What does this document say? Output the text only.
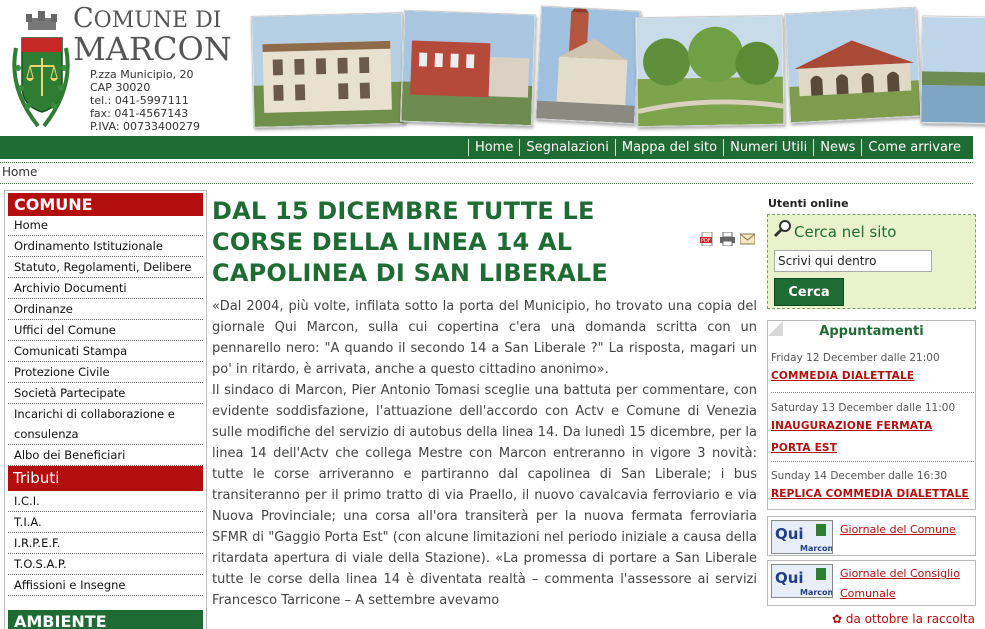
COMUNE DI
MARCON
P.zza Municipio, 20
CAP 30020
tel.: 041-5997111
fax: 041-4567143
P.IVA: 00733400279
Home	Segnalazioni	Mappa del sito	Numeri Utili	News	Come arrivare
Home
COMUNE
Home
Ordinamento Istituzionale
Statuto, Regolamenti, Delibere
Archivio Documenti
Ordinanze
Uffici del Comune
Comunicati Stampa
Protezione Civile
Società Partecipate
Incarichi di collaborazione e consulenza
Albo dei Beneficiari
Tributi
I.C.I.
T.I.A.
I.R.P.E.F.
T.O.S.A.P.
Affissioni e Insegne
AMBIENTE
DAL 15 DICEMBRE TUTTE LE CORSE DELLA LINEA 14 AL CAPOLINEA DI SAN LIBERALE
PDF

«Dal 2004, più volte, infilata sotto la porta del Municipio, ho trovato una copia del giornale Qui Marcon, sulla cui copertina c'era una domanda scritta con un pennarello nero: "A quando il secondo 14 a San Liberale ?" La risposta, magari un po' in ritardo, è arrivata, anche a questo cittadino anonimo».

Il sindaco di Marcon, Pier Antonio Tomasi sceglie una battuta per commentare, con evidente soddisfazione, l'attuazione dell'accordo con Actv e Comune di Venezia sulle modifiche del servizio di autobus della linea 14. Da lunedì 15 dicembre, per la linea 14 dell'Actv che collega Mestre con Marcon entreranno in vigore 3 novità: tutte le corse arriveranno e partiranno dal capolinea di San Liberale; i bus transiteranno per il primo tratto di via Praello, il nuovo cavalcavia ferroviario e via Nuova Provinciale; una corsa all'ora transiterà per la nuova fermata ferroviaria SFMR di "Gaggio Porta Est" (con alcune limitazioni nel periodo iniziale a causa della ritardata apertura di viale della Stazione). «La promessa di portare a San Liberale tutte le corse della linea 14 è diventata realtà – commenta l'assessore ai servizi Francesco Tarricone – A settembre avevamo

Utenti online
Cerca nel sito
Scrivi qui dentro
Cerca
Appuntamenti
Friday 12 December dalle 21:00
COMMEDIA DIALETTALE
Saturday 13 December dalle 11:00
INAUGURAZIONE FERMATA PORTA EST
Sunday 14 December dalle 16:30
REPLICA COMMEDIA DIALETTALE
Qui
Marcon
Giornale del Comune
Qui
Marcon
Giornale del Consiglio Comunale
✿ da ottobre la raccolta
